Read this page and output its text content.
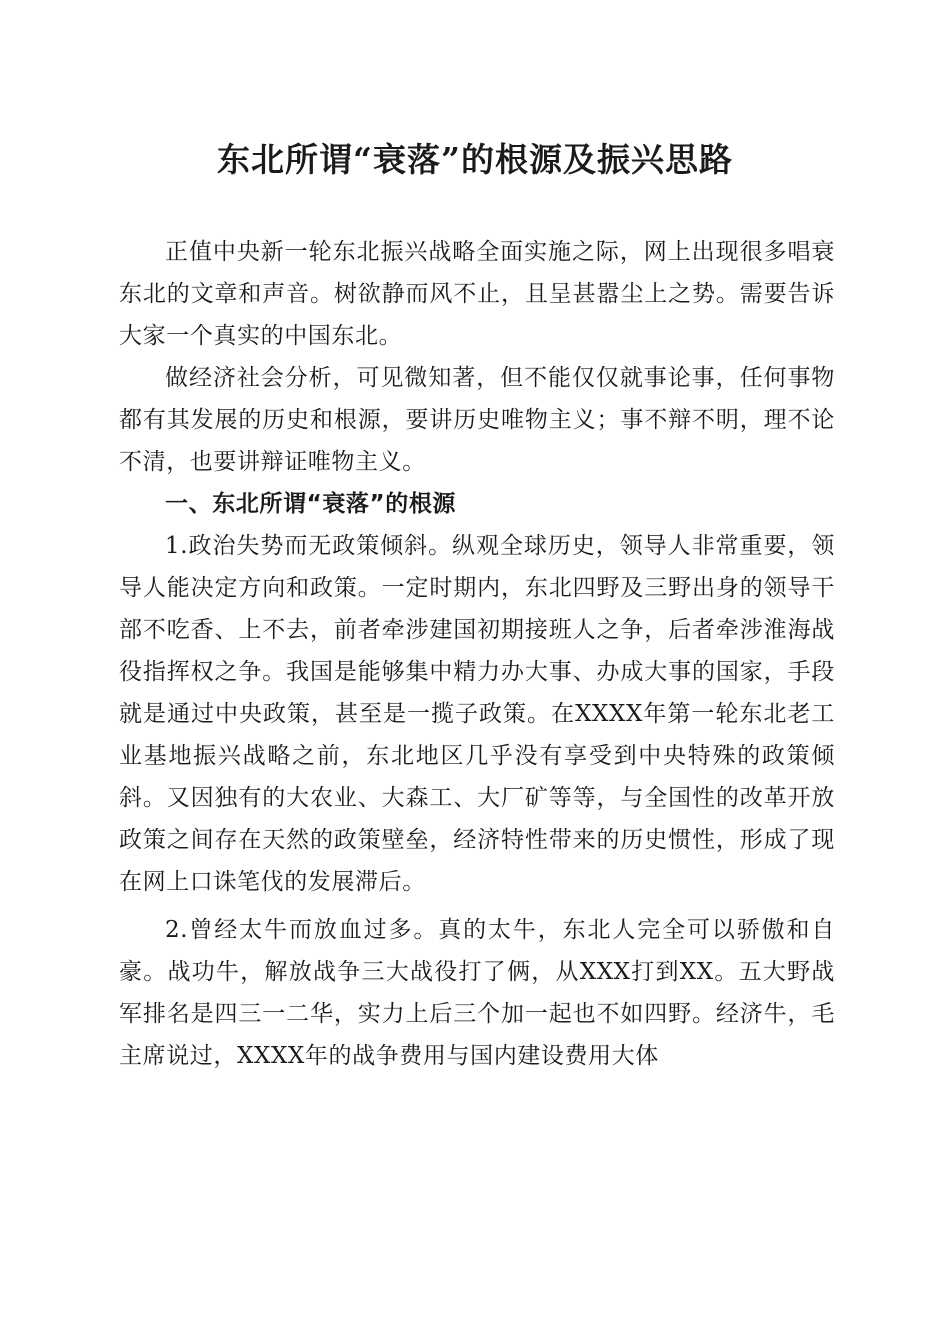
东北所谓“衰落”的根源及振兴思路

正值中央新一轮东北振兴战略全面实施之际，网上出现很多唱衰东北的文章和声音。树欲静而风不止，且呈甚嚣尘上之势。需要告诉大家一个真实的中国东北。

做经济社会分析，可见微知著，但不能仅仅就事论事，任何事物都有其发展的历史和根源，要讲历史唯物主义；事不辩不明，理不论不清，也要讲辩证唯物主义。

一、东北所谓“衰落”的根源

1.政治失势而无政策倾斜。纵观全球历史，领导人非常重要，领导人能决定方向和政策。一定时期内，东北四野及三野出身的领导干部不吃香、上不去，前者牵涉建国初期接班人之争，后者牵涉淮海战役指挥权之争。我国是能够集中精力办大事、办成大事的国家，手段就是通过中央政策，甚至是一揽子政策。在XXXX年第一轮东北老工业基地振兴战略之前，东北地区几乎没有享受到中央特殊的政策倾斜。又因独有的大农业、大森工、大厂矿等等，与全国性的改革开放政策之间存在天然的政策壁垒，经济特性带来的历史惯性，形成了现在网上口诛笔伐的发展滞后。

2.曾经太牛而放血过多。真的太牛，东北人完全可以骄傲和自豪。战功牛，解放战争三大战役打了俩，从XXX打到XX。五大野战军排名是四三一二华，实力上后三个加一起也不如四野。经济牛，毛主席说过，XXXX年的战争费用与国内建设费用大体
